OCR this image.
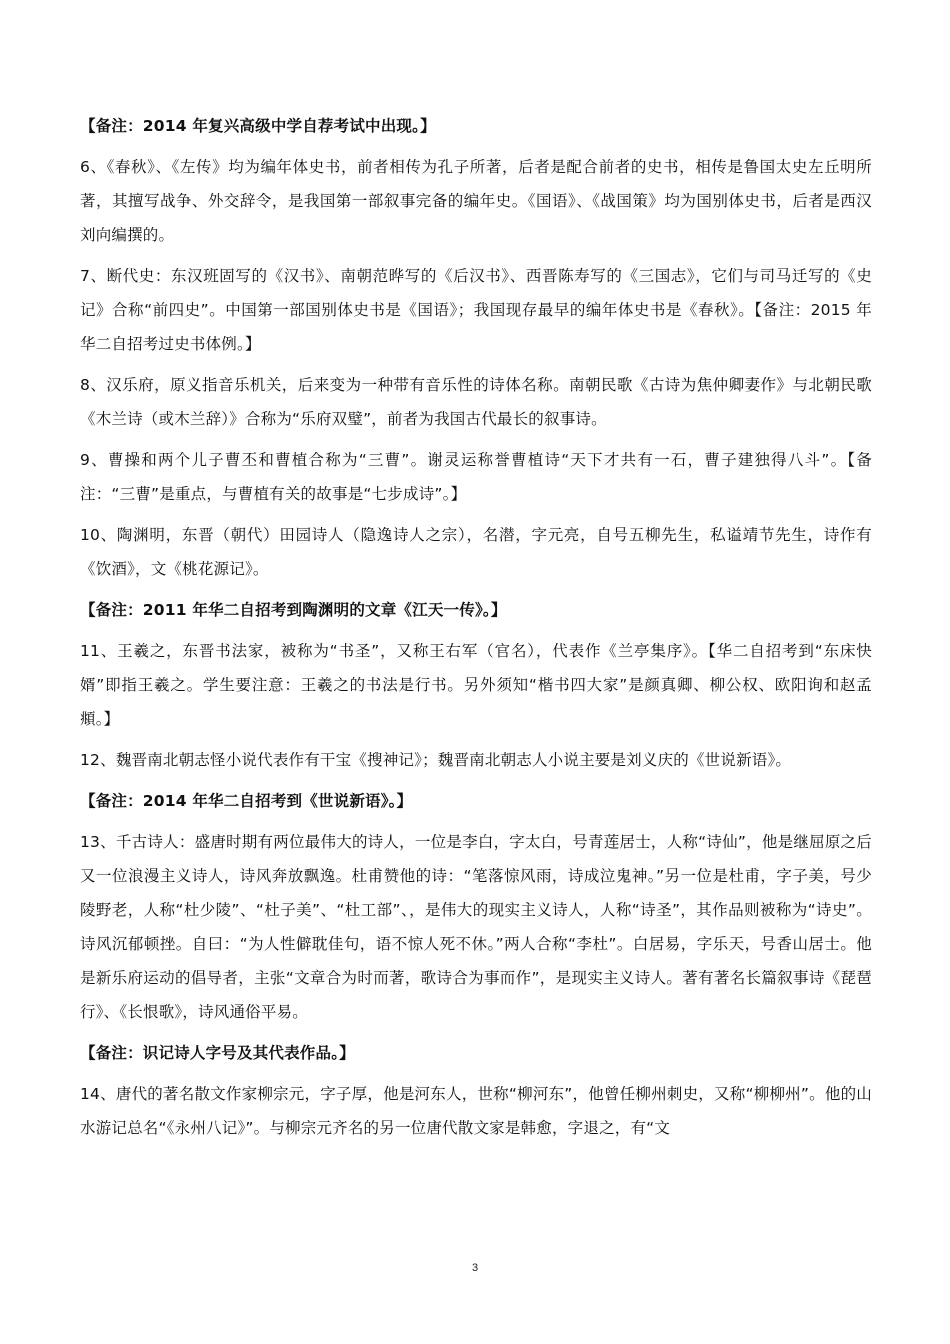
【备注：2014 年复兴高级中学自荐考试中出现。】

6、《春秋》、《左传》均为编年体史书，前者相传为孔子所著，后者是配合前者的史书，相传是鲁国太史左丘明所著，其擅写战争、外交辞令，是我国第一部叙事完备的编年史。《国语》、《战国策》均为国别体史书，后者是西汉刘向编撰的。

7、断代史：东汉班固写的《汉书》、南朝范晔写的《后汉书》、西晋陈寿写的《三国志》，它们与司马迁写的《史记》合称“前四史”。中国第一部国别体史书是《国语》；我国现存最早的编年体史书是《春秋》。【备注：2015 年华二自招考过史书体例。】

8、汉乐府，原义指音乐机关，后来变为一种带有音乐性的诗体名称。南朝民歌《古诗为焦仲卿妻作》与北朝民歌《木兰诗（或木兰辞）》合称为“乐府双璧”，前者为我国古代最长的叙事诗。

9、曹操和两个儿子曹丕和曹植合称为“三曹”。谢灵运称誉曹植诗“天下才共有一石，曹子建独得八斗”。【备注：“三曹”是重点，与曹植有关的故事是“七步成诗”。】

10、陶渊明，东晋（朝代）田园诗人（隐逸诗人之宗），名潜，字元亮，自号五柳先生，私谥靖节先生，诗作有《饮酒》，文《桃花源记》。

【备注：2011 年华二自招考到陶渊明的文章《江天一传》。】

11、王羲之，东晋书法家，被称为“书圣”，又称王右军（官名），代表作《兰亭集序》。【华二自招考到“东床快婿”即指王羲之。学生要注意：王羲之的书法是行书。另外须知“楷书四大家”是颜真卿、柳公权、欧阳询和赵孟頫。】

12、魏晋南北朝志怪小说代表作有干宝《搜神记》；魏晋南北朝志人小说主要是刘义庆的《世说新语》。

【备注：2014 年华二自招考到《世说新语》。】

13、千古诗人：盛唐时期有两位最伟大的诗人，一位是李白，字太白，号青莲居士，人称“诗仙”，他是继屈原之后又一位浪漫主义诗人，诗风奔放飘逸。杜甫赞他的诗：“笔落惊风雨，诗成泣鬼神。”另一位是杜甫，字子美，号少陵野老，人称“杜少陵”、“杜子美”、“杜工部”、，是伟大的现实主义诗人，人称“诗圣”，其作品则被称为“诗史”。诗风沉郁顿挫。自曰：“为人性僻耽佳句，语不惊人死不休。”两人合称“李杜”。白居易，字乐天，号香山居士。他是新乐府运动的倡导者，主张“文章合为时而著，歌诗合为事而作”，是现实主义诗人。著有著名长篇叙事诗《琵琶行》、《长恨歌》，诗风通俗平易。

【备注：识记诗人字号及其代表作品。】

14、唐代的著名散文作家柳宗元，字子厚，他是河东人，世称“柳河东”，他曾任柳州刺史，又称“柳柳州”。他的山水游记总名“《永州八记》”。与柳宗元齐名的另一位唐代散文家是韩愈，字退之，有“文

3
